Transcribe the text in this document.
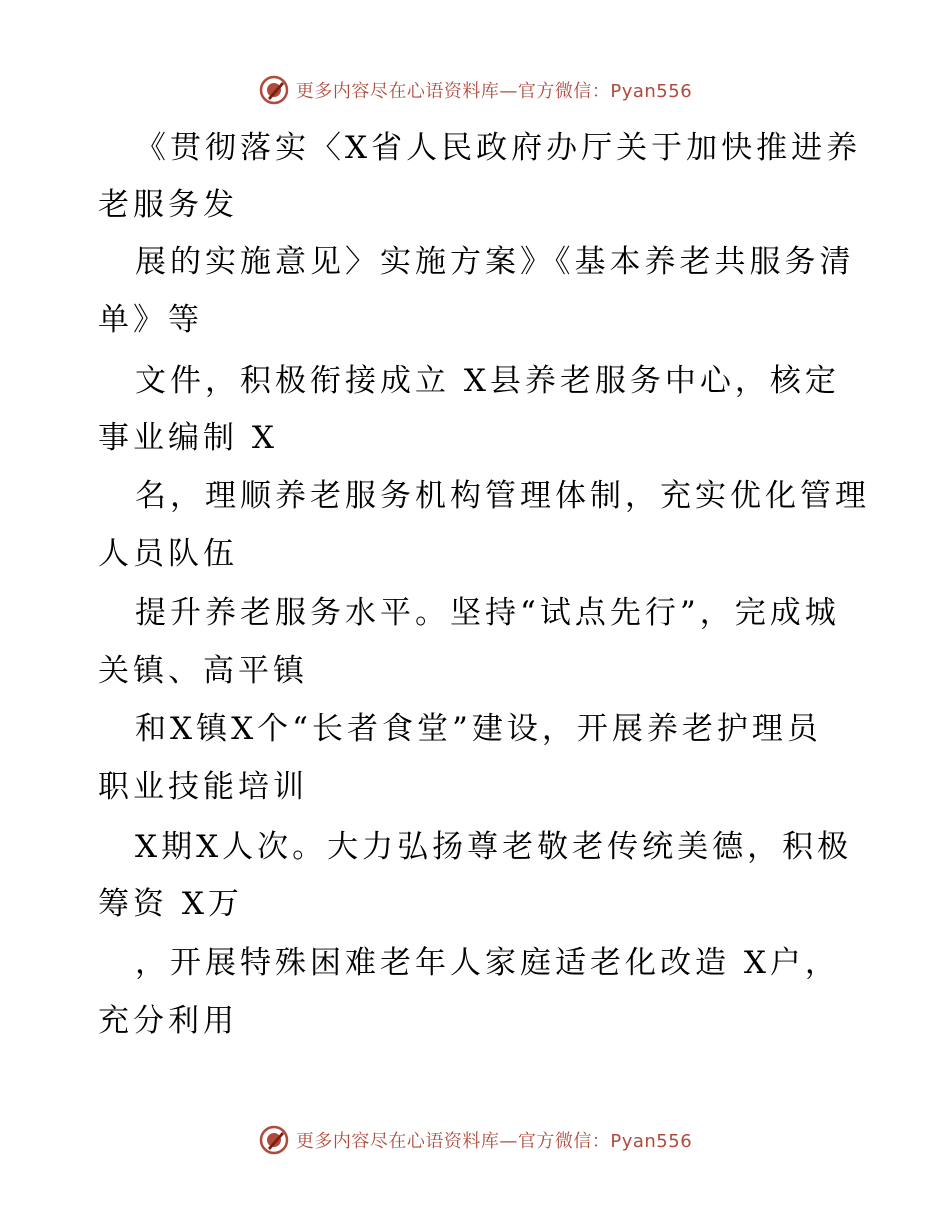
更多内容尽在心语资料库—官方微信：Pyan556
《贯彻落实〈X省人民政府办厅关于加快推进养
老服务发
展的实施意见〉实施方案》《基本养老共服务清
单》等
文件，积极衔接成立 X县养老服务中心，核定
事业编制 X
名，理顺养老服务机构管理体制，充实优化管理
人员队伍
提升养老服务水平。坚持“试点先行”，完成城
关镇、高平镇
和X镇X个“长者食堂”建设，开展养老护理员
职业技能培训
X期X人次。大力弘扬尊老敬老传统美德，积极
筹资 X万
，开展特殊困难老年人家庭适老化改造 X户，
充分利用
更多内容尽在心语资料库—官方微信：Pyan556
